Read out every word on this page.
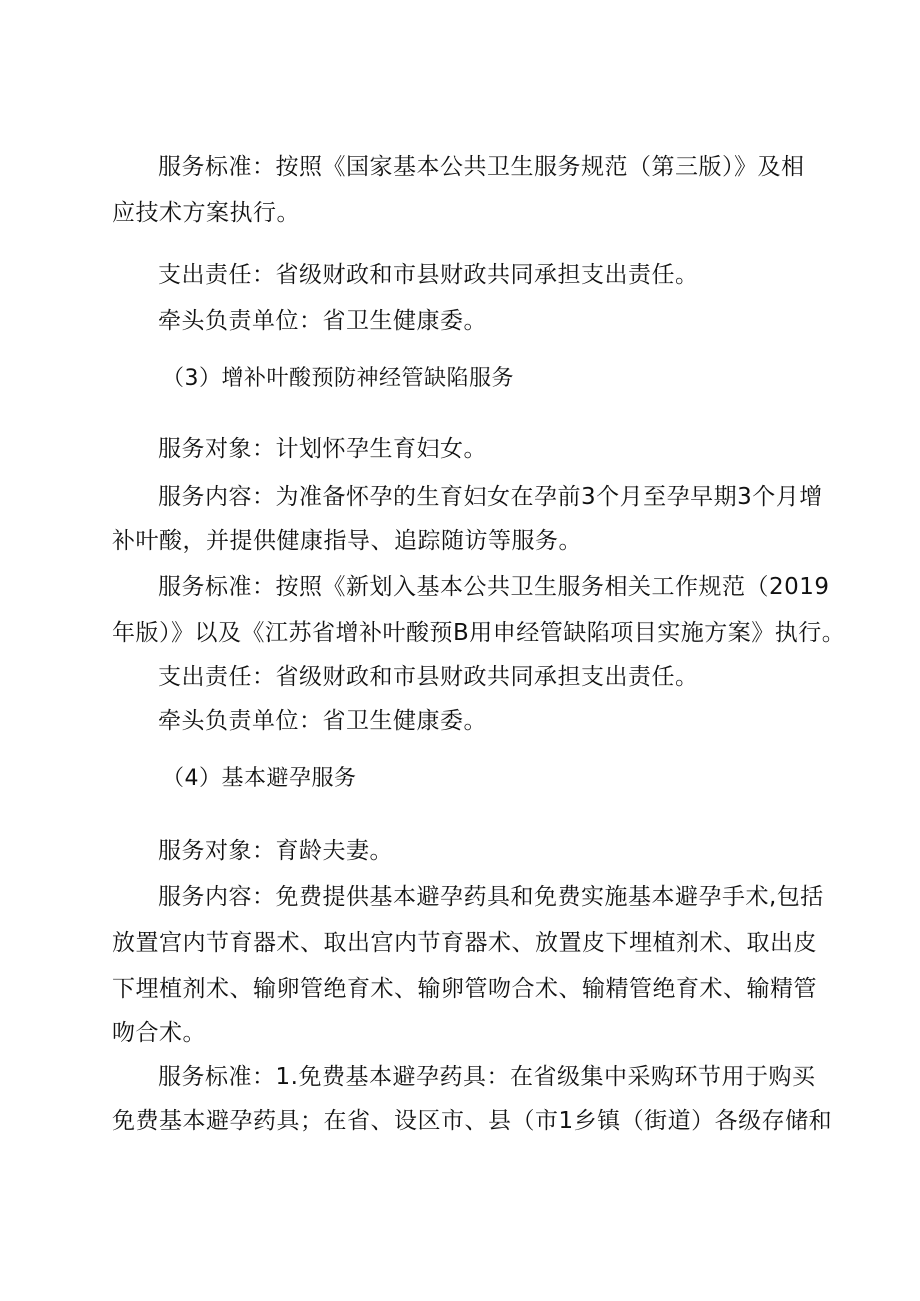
服务标准：按照《国家基本公共卫生服务规范（第三版）》及相
应技术方案执行。
支出责任：省级财政和市县财政共同承担支出责任。
牵头负责单位：省卫生健康委。
（3）增补叶酸预防神经管缺陷服务
服务对象：计划怀孕生育妇女。
服务内容：为准备怀孕的生育妇女在孕前3个月至孕早期3个月增
补叶酸，并提供健康指导、追踪随访等服务。
服务标准：按照《新划入基本公共卫生服务相关工作规范（2019
年版）》以及《江苏省增补叶酸预B用申经管缺陷项目实施方案》执行。
支出责任：省级财政和市县财政共同承担支出责任。
牵头负责单位：省卫生健康委。
（4）基本避孕服务
服务对象：育龄夫妻。
服务内容：免费提供基本避孕药具和免费实施基本避孕手术,包括
放置宫内节育器术、取出宫内节育器术、放置皮下埋植剂术、取出皮
下埋植剂术、输卵管绝育术、输卵管吻合术、输精管绝育术、输精管
吻合术。
服务标准：1.免费基本避孕药具：在省级集中采购环节用于购买
免费基本避孕药具；在省、设区市、县（市1乡镇（街道）各级存储和
